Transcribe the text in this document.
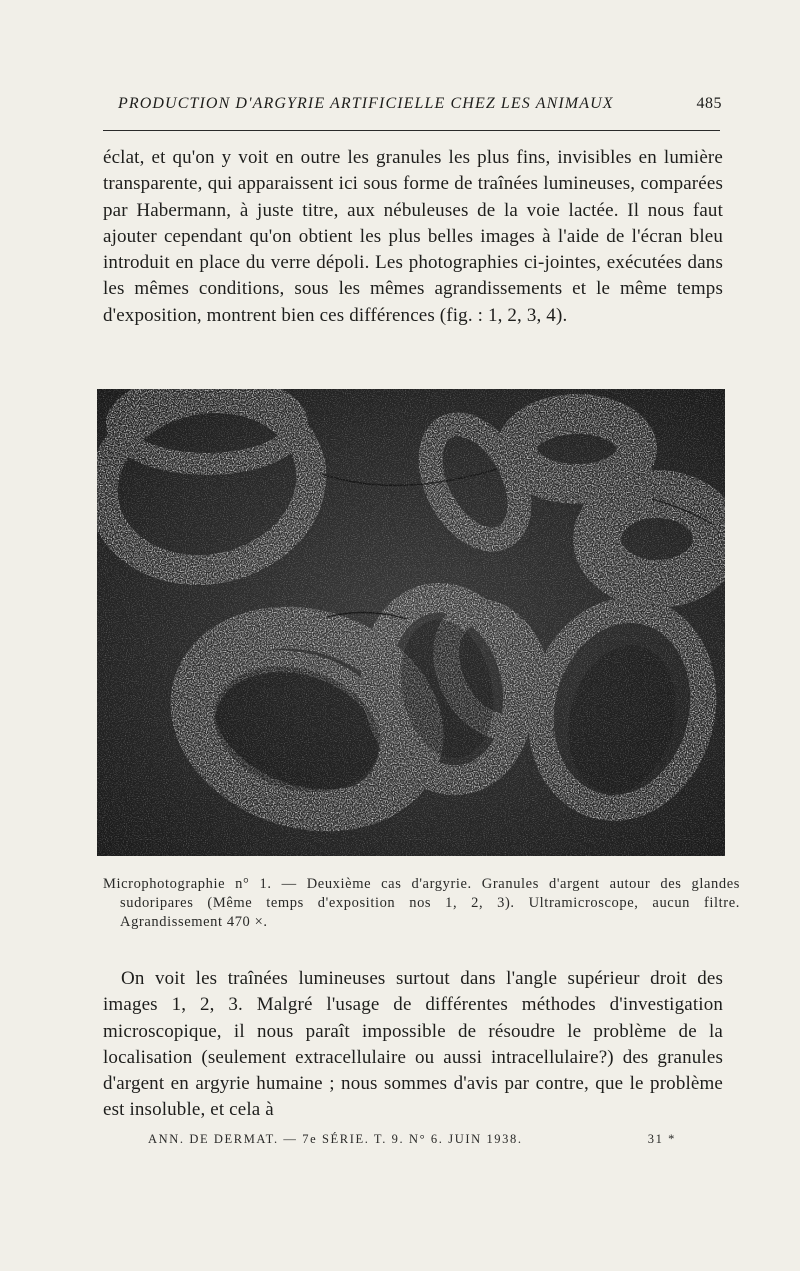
PRODUCTION D'ARGYRIE ARTIFICIELLE CHEZ LES ANIMAUX	485

éclat, et qu'on y voit en outre les granules les plus fins, invisibles en lumière transparente, qui apparaissent ici sous forme de traînées lumineuses, comparées par Habermann, à juste titre, aux nébuleuses de la voie lactée. Il nous faut ajouter cependant qu'on obtient les plus belles images à l'aide de l'écran bleu introduit en place du verre dépoli. Les photographies ci-jointes, exécutées dans les mêmes conditions, sous les mêmes agrandissements et le même temps d'exposition, montrent bien ces différences (fig. : 1, 2, 3, 4).

Microphotographie n° 1. — Deuxième cas d'argyrie. Granules d'argent autour des glandes sudoripares (Même temps d'exposition nos 1, 2, 3). Ultramicroscope, aucun filtre. Agrandissement 470 ×.

On voit les traînées lumineuses surtout dans l'angle supérieur droit des images 1, 2, 3. Malgré l'usage de différentes méthodes d'investigation microscopique, il nous paraît impossible de résoudre le problème de la localisation (seulement extracellulaire ou aussi intracellulaire?) des granules d'argent en argyrie humaine ; nous sommes d'avis par contre, que le problème est insoluble, et cela à

ANN. DE DERMAT. — 7e SÉRIE. T. 9. N° 6. JUIN 1938.	31 *
